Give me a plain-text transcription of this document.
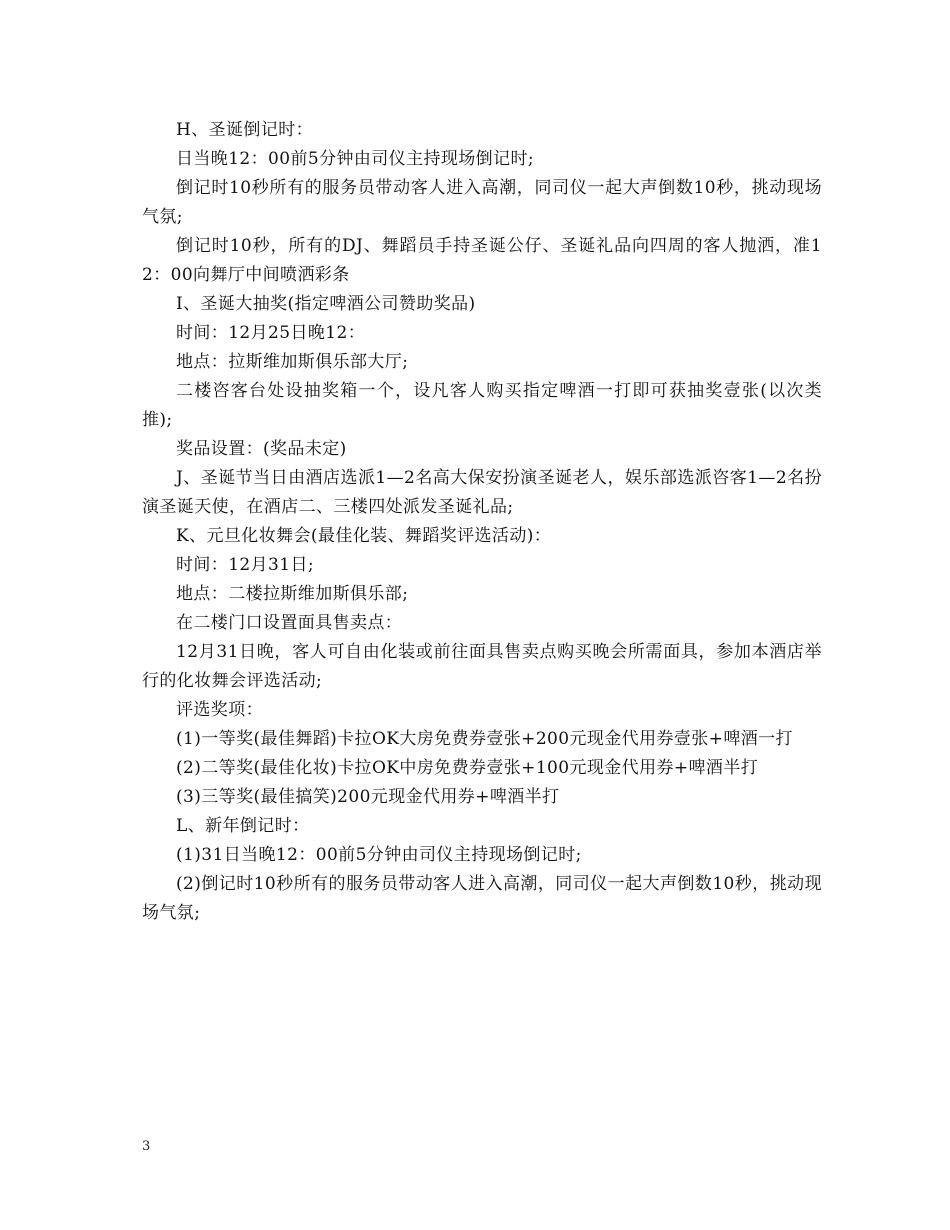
H、圣诞倒记时：

日当晚12：00前5分钟由司仪主持现场倒记时;

倒记时10秒所有的服务员带动客人进入高潮，同司仪一起大声倒数10秒，挑动现场气氛;

倒记时10秒，所有的DJ、舞蹈员手持圣诞公仔、圣诞礼品向四周的客人抛洒，准12：00向舞厅中间喷洒彩条

I、圣诞大抽奖(指定啤酒公司赞助奖品)

时间：12月25日晚12：

地点：拉斯维加斯俱乐部大厅;

二楼咨客台处设抽奖箱一个，设凡客人购买指定啤酒一打即可获抽奖壹张(以次类推);

奖品设置：(奖品未定)

J、圣诞节当日由酒店选派1—2名高大保安扮演圣诞老人，娱乐部选派咨客1—2名扮演圣诞天使，在酒店二、三楼四处派发圣诞礼品;

K、元旦化妆舞会(最佳化装、舞蹈奖评选活动)：

时间：12月31日;

地点：二楼拉斯维加斯俱乐部;

在二楼门口设置面具售卖点：

12月31日晚，客人可自由化装或前往面具售卖点购买晚会所需面具，参加本酒店举行的化妆舞会评选活动;

评选奖项：

(1)一等奖(最佳舞蹈)卡拉OK大房免费券壹张+200元现金代用券壹张+啤酒一打

(2)二等奖(最佳化妆)卡拉OK中房免费券壹张+100元现金代用券+啤酒半打

(3)三等奖(最佳搞笑)200元现金代用券+啤酒半打

L、新年倒记时：

(1)31日当晚12：00前5分钟由司仪主持现场倒记时;

(2)倒记时10秒所有的服务员带动客人进入高潮，同司仪一起大声倒数10秒，挑动现场气氛;

3
